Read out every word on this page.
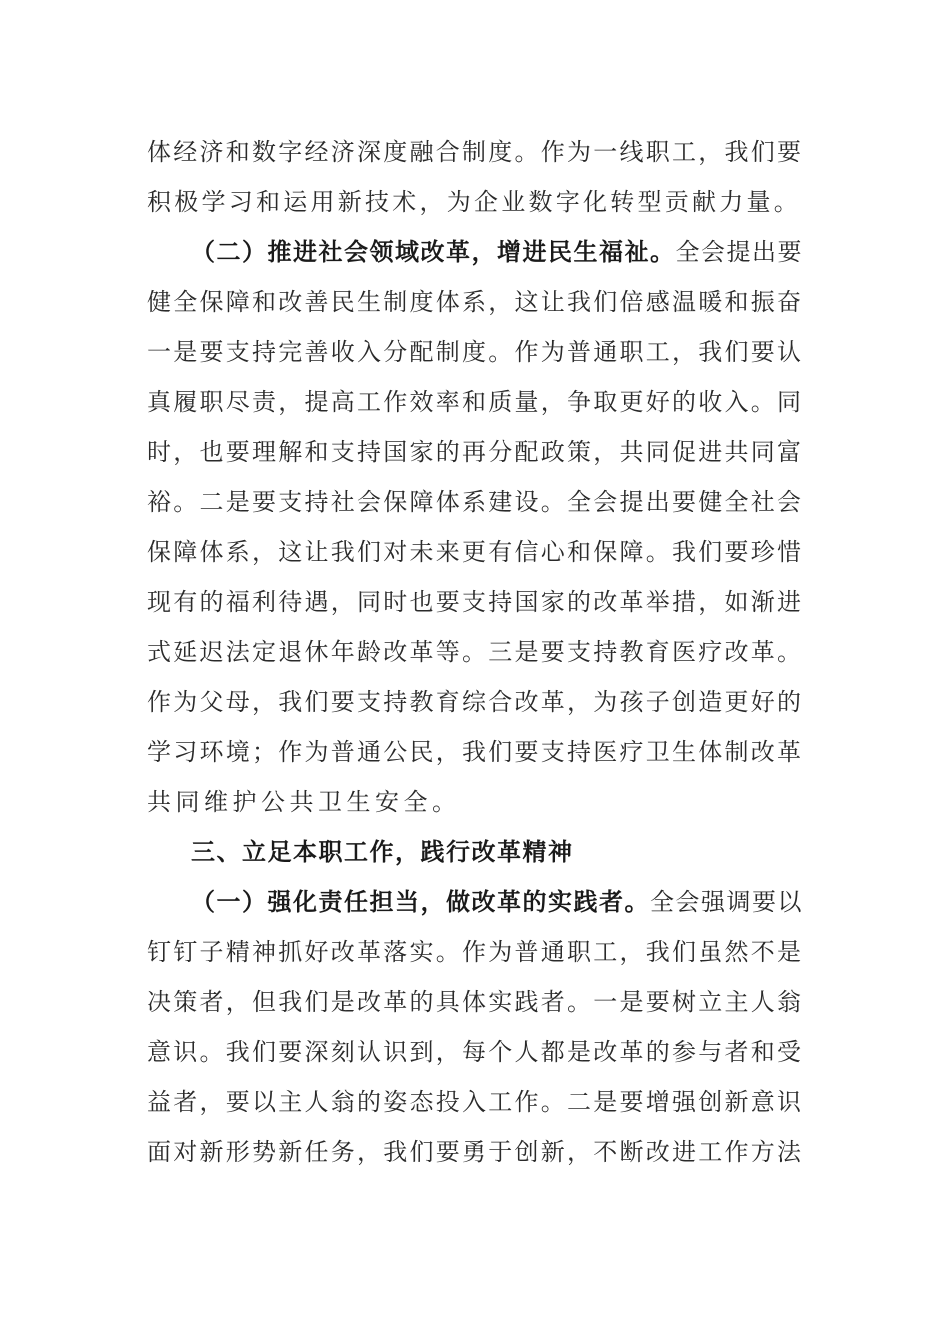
体经济和数字经济深度融合制度。作为一线职工，我们要
积极学习和运用新技术，为企业数字化转型贡献力量。
（二）推进社会领域改革，增进民生福祉。全会提出要
健全保障和改善民生制度体系，这让我们倍感温暖和振奋
一是要支持完善收入分配制度。作为普通职工，我们要认
真履职尽责，提高工作效率和质量，争取更好的收入。同
时，也要理解和支持国家的再分配政策，共同促进共同富
裕。二是要支持社会保障体系建设。全会提出要健全社会
保障体系，这让我们对未来更有信心和保障。我们要珍惜
现有的福利待遇，同时也要支持国家的改革举措，如渐进
式延迟法定退休年龄改革等。三是要支持教育医疗改革。
作为父母，我们要支持教育综合改革，为孩子创造更好的
学习环境；作为普通公民，我们要支持医疗卫生体制改革
共同维护公共卫生安全。
三、立足本职工作，践行改革精神
（一）强化责任担当，做改革的实践者。全会强调要以
钉钉子精神抓好改革落实。作为普通职工，我们虽然不是
决策者，但我们是改革的具体实践者。一是要树立主人翁
意识。我们要深刻认识到，每个人都是改革的参与者和受
益者，要以主人翁的姿态投入工作。二是要增强创新意识
面对新形势新任务，我们要勇于创新，不断改进工作方法
